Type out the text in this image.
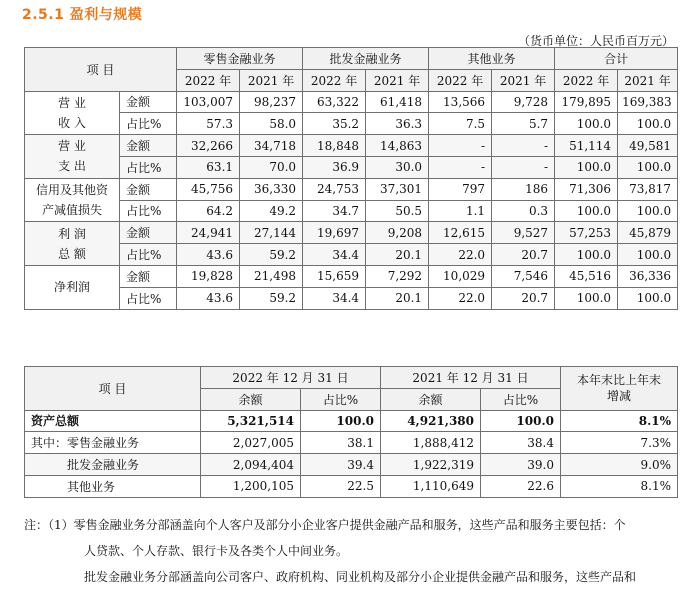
2.5.1 盈利与规模
（货币单位：人民币百万元）
项 目		零售金融业务		批发金融业务		其他业务		合计	
		2022 年	2021 年	2022 年	2021 年	2022 年	2021 年	2022 年	2021 年

营 业
收 入	金额	103,007	98,237	63,322	61,418	13,566	9,728	179,895	169,383
	占比%	57.3	58.0	35.2	36.3	7.5	5.7	100.0	100.0

营 业
支 出	金额	32,266	34,718	18,848	14,863	-	-	51,114	49,581
	占比%	63.1	70.0	36.9	30.0	-	-	100.0	100.0

信用及其他资
产减值损失	金额	45,756	36,330	24,753	37,301	797	186	71,306	73,817
	占比%	64.2	49.2	34.7	50.5	1.1	0.3	100.0	100.0

利 润
总 额	金额	24,941	27,144	19,697	9,208	12,615	9,527	57,253	45,879
	占比%	43.6	59.2	34.4	20.1	22.0	20.7	100.0	100.0

净利润	金额	19,828	21,498	15,659	7,292	10,029	7,546	45,516	36,336
	占比%	43.6	59.2	34.4	20.1	22.0	20.7	100.0	100.0
项 目	2022 年 12 月 31 日		2021 年 12 月 31 日		本年末比上年末
增减

	余额	占比%	余额	占比%	
资产总额	5,321,514	100.0	4,921,380	100.0	8.1%
其中：零售金融业务	2,027,005	38.1	1,888,412	38.4	7.3%
批发金融业务	2,094,404	39.4	1,922,319	39.0	9.0%
其他业务	1,200,105	22.5	1,110,649	22.6	8.1%
注：（1）零售金融业务分部涵盖向个人客户及部分小企业客户提供金融产品和服务，这些产品和服务主要包括：个
人贷款、个人存款、银行卡及各类个人中间业务。
批发金融业务分部涵盖向公司客户、政府机构、同业机构及部分小企业提供金融产品和服务，这些产品和
